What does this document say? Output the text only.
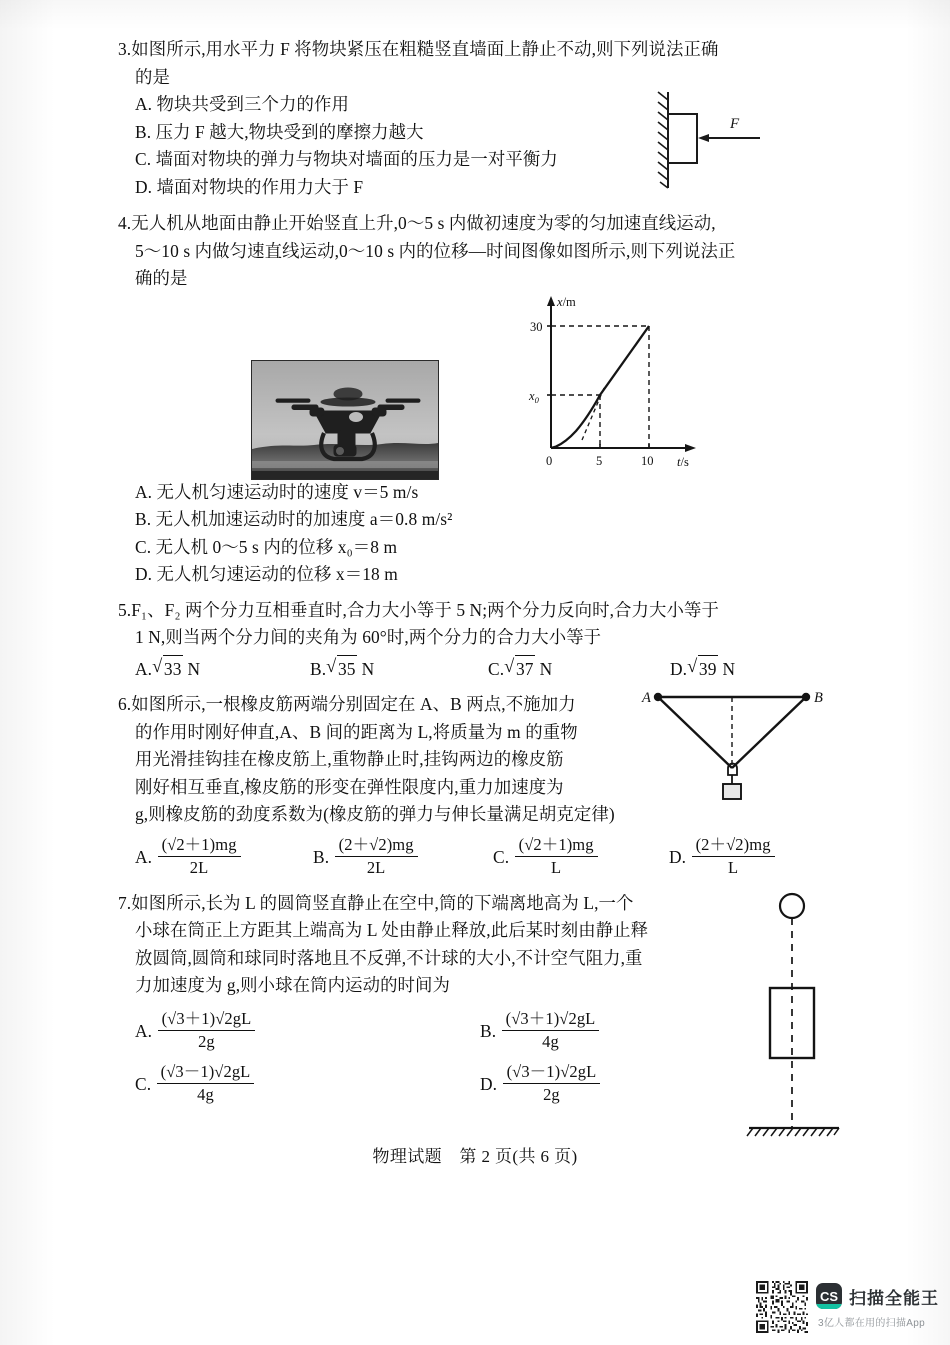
3.如图所示,用水平力 F 将物块紧压在粗糙竖直墙面上静止不动,则下列说法正确
的是
A. 物块共受到三个力的作用
B. 压力 F 越大,物块受到的摩擦力越大
C. 墙面对物块的弹力与物块对墙面的压力是一对平衡力
D. 墙面对物块的作用力大于 F
4.无人机从地面由静止开始竖直上升,0～5 s 内做初速度为零的匀加速直线运动,
5～10 s 内做匀速直线运动,0～10 s 内的位移—时间图像如图所示,则下列说法正
确的是
A. 无人机匀速运动时的速度 v＝5 m/s
B. 无人机加速运动时的加速度 a＝0.8 m/s²
C. 无人机 0～5 s 内的位移 x₀＝8 m
D. 无人机匀速运动的位移 x＝18 m
5.F₁、F₂ 两个分力互相垂直时,合力大小等于 5 N;两个分力反向时,合力大小等于
1 N,则当两个分力间的夹角为 60°时,两个分力的合力大小等于
A. √ 33 N	B. √ 35 N	C. √ 37 N	D. √ 39 N
6.如图所示,一根橡皮筋两端分别固定在 A、B 两点,不施加力
的作用时刚好伸直,A、B 间的距离为 L,将质量为 m 的重物
用光滑挂钩挂在橡皮筋上,重物静止时,挂钩两边的橡皮筋
刚好相互垂直,橡皮筋的形变在弹性限度内,重力加速度为
g,则橡皮筋的劲度系数为(橡皮筋的弹力与伸长量满足胡克定律)
A. $\frac{(√2+1)mg}{2L}$	B. $\frac{(2+√2)mg}{2L}$	C. $\frac{(√2+1)mg}{L}$	D. $\frac{(2+√2)mg}{L}$
7.如图所示,长为 L 的圆筒竖直静止在空中,筒的下端离地高为 L,一个
小球在筒正上方距其上端高为 L 处由静止释放,此后某时刻由静止释
放圆筒,圆筒和球同时落地且不反弹,不计球的大小,不计空气阻力,重
力加速度为 g,则小球在筒内运动的时间为
A. $\frac{(√3+1)√2gL}{2g}$	B. $\frac{(√3+1)√2gL}{4g}$
C. $\frac{(√3-1)√2gL}{4g}$	D. $\frac{(√3-1)√2gL}{2g}$
F
x/m
30
$x_0$
0	5	10 t/s
A	B
物理试题　第 2 页(共 6 页)
CS 扫描全能王
3亿人都在用的扫描App
